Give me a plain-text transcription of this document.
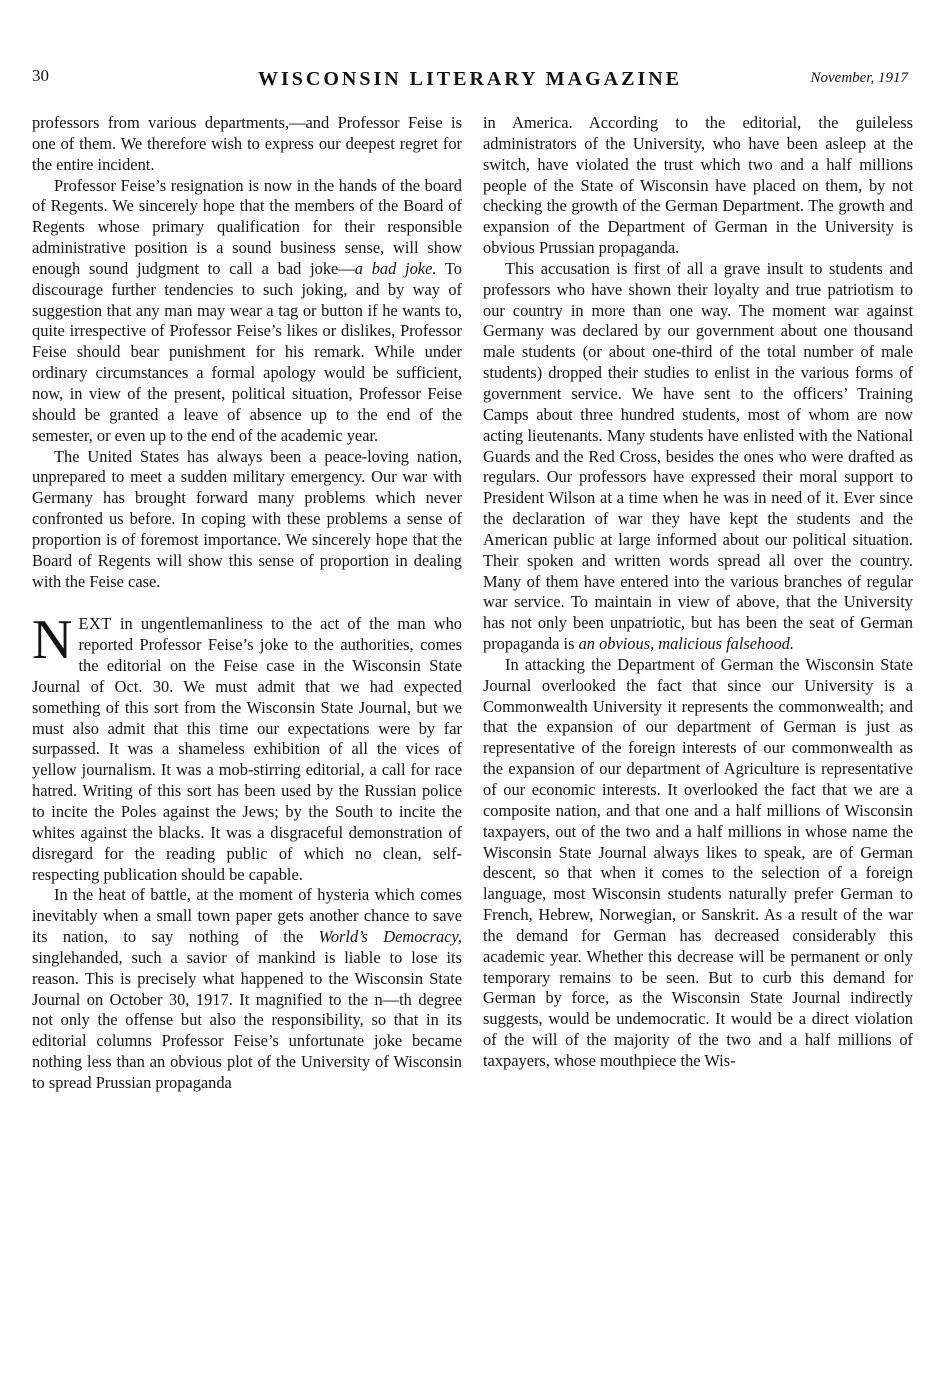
30	WISCONSIN LITERARY MAGAZINE	November, 1917

professors from various departments,—and Professor Feise is one of them. We therefore wish to express our deepest regret for the entire incident.

Professor Feise’s resignation is now in the hands of the board of Regents. We sincerely hope that the members of the Board of Regents whose primary qualification for their responsible administrative position is a sound business sense, will show enough sound judgment to call a bad joke—a bad joke. To discourage further tendencies to such joking, and by way of suggestion that any man may wear a tag or button if he wants to, quite irrespective of Professor Feise’s likes or dislikes, Professor Feise should bear punishment for his remark. While under ordinary circumstances a formal apology would be sufficient, now, in view of the present, political situation, Professor Feise should be granted a leave of absence up to the end of the semester, or even up to the end of the academic year.

The United States has always been a peace-loving nation, unprepared to meet a sudden military emergency. Our war with Germany has brought forward many problems which never confronted us before. In coping with these problems a sense of proportion is of foremost importance. We sincerely hope that the Board of Regents will show this sense of proportion in dealing with the Feise case.

NEXT in ungentlemanliness to the act of the man who reported Professor Feise’s joke to the authorities, comes the editorial on the Feise case in the Wisconsin State Journal of Oct. 30. We must admit that we had expected something of this sort from the Wisconsin State Journal, but we must also admit that this time our expectations were by far surpassed. It was a shameless exhibition of all the vices of yellow journalism. It was a mob-stirring editorial, a call for race hatred. Writing of this sort has been used by the Russian police to incite the Poles against the Jews; by the South to incite the whites against the blacks. It was a disgraceful demonstration of disregard for the reading public of which no clean, self-respecting publication should be capable.

In the heat of battle, at the moment of hysteria which comes inevitably when a small town paper gets another chance to save its nation, to say nothing of the World’s Democracy, singlehanded, such a savior of mankind is liable to lose its reason. This is precisely what happened to the Wisconsin State Journal on October 30, 1917. It magnified to the n—th degree not only the offense but also the responsibility, so that in its editorial columns Professor Feise’s unfortunate joke became nothing less than an obvious plot of the University of Wisconsin to spread Prussian propaganda

in America. According to the editorial, the guileless administrators of the University, who have been asleep at the switch, have violated the trust which two and a half millions people of the State of Wisconsin have placed on them, by not checking the growth of the German Department. The growth and expansion of the Department of German in the University is obvious Prussian propaganda.

This accusation is first of all a grave insult to students and professors who have shown their loyalty and true patriotism to our country in more than one way. The moment war against Germany was declared by our government about one thousand male students (or about one-third of the total number of male students) dropped their studies to enlist in the various forms of government service. We have sent to the officers’ Training Camps about three hundred students, most of whom are now acting lieutenants. Many students have enlisted with the National Guards and the Red Cross, besides the ones who were drafted as regulars. Our professors have expressed their moral support to President Wilson at a time when he was in need of it. Ever since the declaration of war they have kept the students and the American public at large informed about our political situation. Their spoken and written words spread all over the country. Many of them have entered into the various branches of regular war service. To maintain in view of above, that the University has not only been unpatriotic, but has been the seat of German propaganda is an obvious, malicious falsehood.

In attacking the Department of German the Wisconsin State Journal overlooked the fact that since our University is a Commonwealth University it represents the commonwealth; and that the expansion of our department of German is just as representative of the foreign interests of our commonwealth as the expansion of our department of Agriculture is representative of our economic interests. It overlooked the fact that we are a composite nation, and that one and a half millions of Wisconsin taxpayers, out of the two and a half millions in whose name the Wisconsin State Journal always likes to speak, are of German descent, so that when it comes to the selection of a foreign language, most Wisconsin students naturally prefer German to French, Hebrew, Norwegian, or Sanskrit. As a result of the war the demand for German has decreased considerably this academic year. Whether this decrease will be permanent or only temporary remains to be seen. But to curb this demand for German by force, as the Wisconsin State Journal indirectly suggests, would be undemocratic. It would be a direct violation of the will of the majority of the two and a half millions of taxpayers, whose mouthpiece the Wis-
